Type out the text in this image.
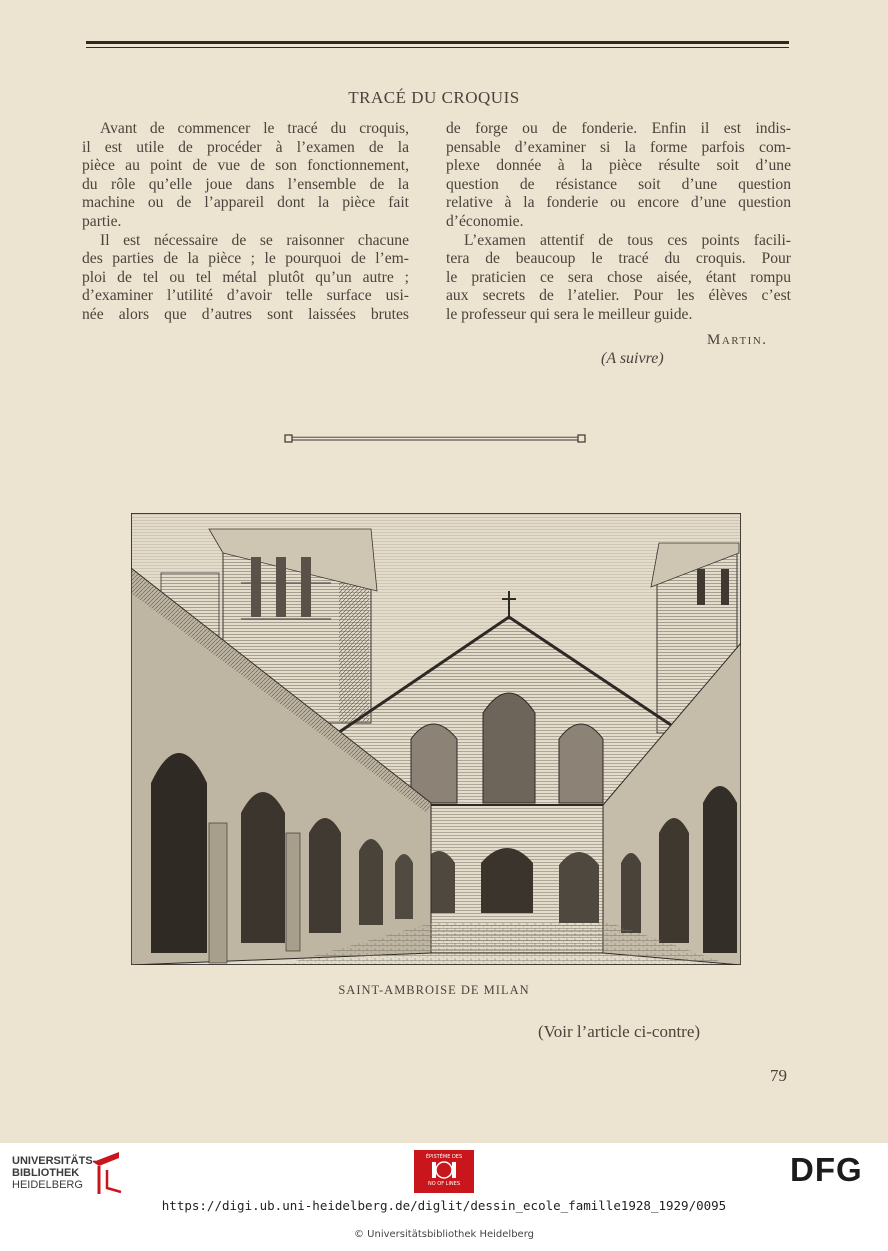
TRACÉ DU CROQUIS
Avant de commencer le tracé du croquis,
il est utile de procéder à l’examen de la
pièce au point de vue de son fonctionnement,
du rôle qu’elle joue dans l’ensemble de la
machine ou de l’appareil dont la pièce fait
partie.
Il est nécessaire de se raisonner chacune
des parties de la pièce ; le pourquoi de l’em-
ploi de tel ou tel métal plutôt qu’un autre ;
d’examiner l’utilité d’avoir telle surface usi-
née alors que d’autres sont laissées brutes
de forge ou de fonderie. Enfin il est indis-
pensable d’examiner si la forme parfois com-
plexe donnée à la pièce résulte soit d’une
question de résistance soit d’une question
relative à la fonderie ou encore d’une question
d’économie.
L’examen attentif de tous ces points facili-
tera de beaucoup le tracé du croquis. Pour
le praticien ce sera chose aisée, étant rompu
aux secrets de l’atelier. Pour les élèves c’est
le professeur qui sera le meilleur guide.
Martin.
(A suivre)
SAINT-AMBROISE DE MILAN
(Voir l’article ci-contre)
79
UNIVERSITÄTS-
BIBLIOTHEK
HEIDELBERG
ÉPISTÈME DES
NO OF LINES	DFG
https://digi.ub.uni-heidelberg.de/diglit/dessin_ecole_famille1928_1929/0095
© Universitätsbibliothek Heidelberg
